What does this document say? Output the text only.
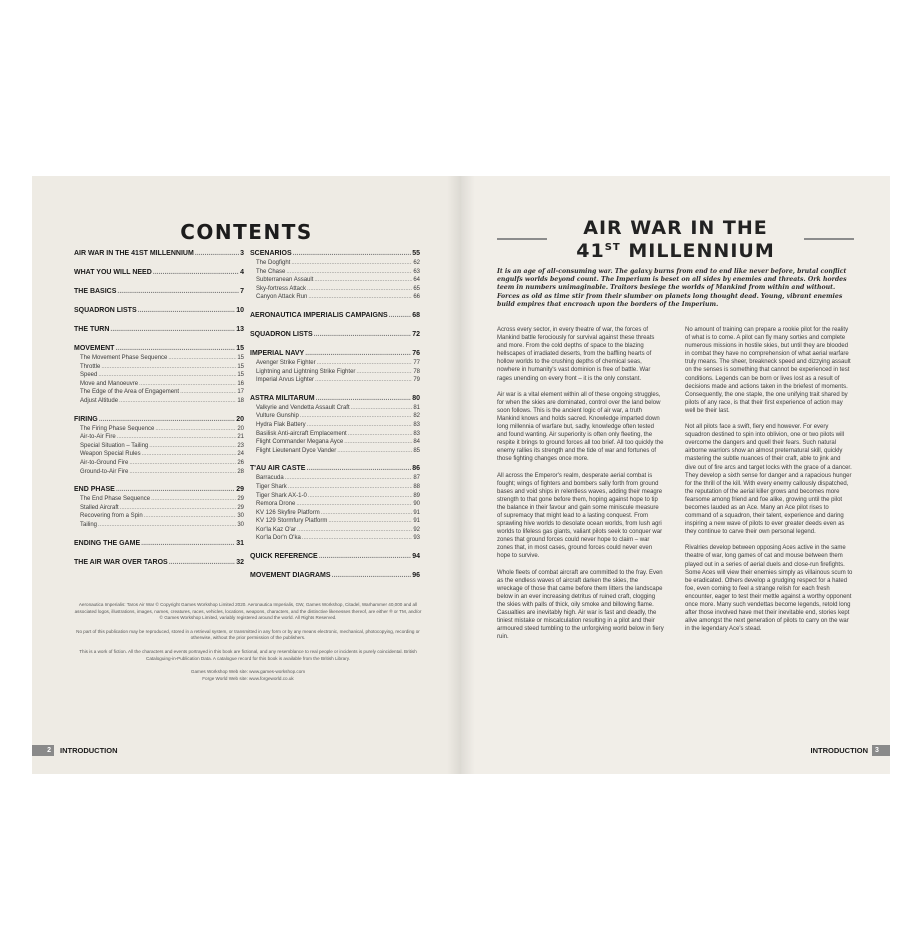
CONTENTS
AIR WAR IN THE 41ST MILLENNIUM .....	3
WHAT YOU WILL NEED .....	4
THE BASICS .....	7
SQUADRON LISTS .....	10
THE TURN .....	13
MOVEMENT .....	15
The Movement Phase Sequence .....	15
Throttle .....	15
Speed .....	15
Move and Manoeuvre .....	16
The Edge of the Area of Engagement .....	17
Adjust Altitude .....	18
FIRING .....	20
The Firing Phase Sequence .....	20
Air-to-Air Fire .....	21
Special Situation – Tailing .....	23
Weapon Special Rules .....	24
Air-to-Ground Fire .....	26
Ground-to-Air Fire .....	28
END PHASE .....	29
The End Phase Sequence .....	29
Stalled Aircraft .....	29
Recovering from a Spin .....	30
Tailing .....	30
ENDING THE GAME .....	31
THE AIR WAR OVER TAROS .....	32
SCENARIOS .....	55
The Dogfight .....	62
The Chase .....	63
Subterranean Assault .....	64
Sky-fortress Attack .....	65
Canyon Attack Run .....	66
AERONAUTICA IMPERIALIS CAMPAIGNS .....	68
SQUADRON LISTS .....	72
IMPERIAL NAVY .....	76
Avenger Strike Fighter .....	77
Lightning and Lightning Strike Fighter .....	78
Imperial Arvus Lighter .....	79
ASTRA MILITARUM .....	80
Valkyrie and Vendetta Assault Craft .....	81
Vulture Gunship .....	82
Hydra Flak Battery .....	83
Basilisk Anti-aircraft Emplacement .....	83
Flight Commander Megana Ayce .....	84
Flight Lieutenant Dyce Vander .....	85
T'AU AIR CASTE .....	86
Barracuda .....	87
Tiger Shark .....	88
Tiger Shark AX-1-0 .....	89
Remora Drone .....	90
KV 126 Skyfire Platform .....	91
KV 129 Stormfury Platform .....	91
Kor'la Kaz O'ar .....	92
Kor'la Dor'n O'ka .....	93
QUICK REFERENCE .....	94
MOVEMENT DIAGRAMS .....	96

Aeronautica Imperialis: Taros Air War © Copyright Games Workshop Limited 2020. Aeronautica Imperialis, GW, Games Workshop, Citadel, Warhammer 40,000 and all associated logos, illustrations, images, names, creatures, races, vehicles, locations, weapons, characters, and the distinctive likenesses thereof, are either ® or TM, and/or © Games Workshop Limited, variably registered around the world. All Rights Reserved.

No part of this publication may be reproduced, stored in a retrieval system, or transmitted in any form or by any means electronic, mechanical, photocopying, recording or otherwise, without the prior permission of the publishers.

This is a work of fiction. All the characters and events portrayed in this book are fictional, and any resemblance to real people or incidents is purely coincidental. British Cataloguing-in-Publication Data. A catalogue record for this book is available from the British Library.

Games Workshop Web site: www.games-workshop.com
Forge World Web site: www.forgeworld.co.uk

2	INTRODUCTION
AIR WAR IN THE
41ST MILLENNIUM
It is an age of all-consuming war. The galaxy burns from end to end like never before, brutal conflict engulfs worlds beyond count. The Imperium is beset on all sides by enemies and threats. Ork hordes teem in numbers unimaginable. Traitors besiege the worlds of Mankind from within and without. Forces as old as time stir from their slumber on planets long thought dead. Young, vibrant enemies build empires that encroach upon the borders of the Imperium.

Across every sector, in every theatre of war, the forces of Mankind battle ferociously for survival against these threats and more. From the cold depths of space to the blazing hellscapes of irradiated deserts, from the baffling hearts of hollow worlds to the crushing depths of chemical seas, nowhere in humanity's vast dominion is free of battle. War rages unending on every front – it is the only constant.

Air war is a vital element within all of these ongoing struggles, for when the skies are dominated, control over the land below soon follows. This is the ancient logic of air war, a truth Mankind knows and holds sacred. Knowledge imparted down long millennia of warfare but, sadly, knowledge often tested and found wanting. Air superiority is often only fleeting, the respite it brings to ground forces all too brief. All too quickly the enemy rallies its strength and the tide of war and fortunes of those fighting changes once more.

All across the Emperor's realm, desperate aerial combat is fought; wings of fighters and bombers sally forth from ground bases and void ships in relentless waves, adding their meagre strength to that gone before them, hoping against hope to tip the balance in their favour and gain some miniscule measure of supremacy that might lead to a lasting conquest. From sprawling hive worlds to desolate ocean worlds, from lush agri worlds to lifeless gas giants, valiant pilots seek to conquer war zones that ground forces could never hope to claim – war zones that, in most cases, ground forces could never even hope to survive.

Whole fleets of combat aircraft are committed to the fray. Even as the endless waves of aircraft darken the skies, the wreckage of those that came before them litters the landscape below in an ever increasing detritus of ruined craft, clogging the skies with palls of thick, oily smoke and billowing flame. Casualties are inevitably high. Air war is fast and deadly, the tiniest mistake or miscalculation resulting in a pilot and their armoured steed tumbling to the unforgiving world below in fiery ruin.

No amount of training can prepare a rookie pilot for the reality of what is to come. A pilot can fly many sorties and complete numerous missions in hostile skies, but until they are blooded in combat they have no comprehension of what aerial warfare truly means. The sheer, breakneck speed and dizzying assault on the senses is something that cannot be experienced in test conditions. Legends can be born or lives lost as a result of decisions made and actions taken in the briefest of moments. Consequently, the one staple, the one unifying trait shared by pilots of any race, is that their first experience of action may well be their last.

Not all pilots face a swift, fiery end however. For every squadron destined to spin into oblivion, one or two pilots will overcome the dangers and quell their fears. Such natural airborne warriors show an almost preternatural skill, quickly mastering the subtle nuances of their craft, able to jink and dive out of fire arcs and target locks with the grace of a dancer. They develop a sixth sense for danger and a rapacious hunger for the thrill of the kill. With every enemy callously dispatched, the reputation of the aerial killer grows and becomes more fearsome among friend and foe alike, growing until the pilot becomes lauded as an Ace. Many an Ace pilot rises to command of a squadron, their talent, experience and daring inspiring a new wave of pilots to ever greater deeds even as they continue to carve their own personal legend.

Rivalries develop between opposing Aces active in the same theatre of war, long games of cat and mouse between them played out in a series of aerial duels and close-run firefights. Some Aces will view their enemies simply as villainous scum to be eradicated. Others develop a grudging respect for a hated foe, even coming to feel a strange relish for each fresh encounter, eager to test their mettle against a worthy opponent once more. Many such vendettas become legends, retold long after those involved have met their inevitable end, stories kept alive amongst the next generation of pilots to carry on the war in the legendary Ace's stead.

INTRODUCTION	3
